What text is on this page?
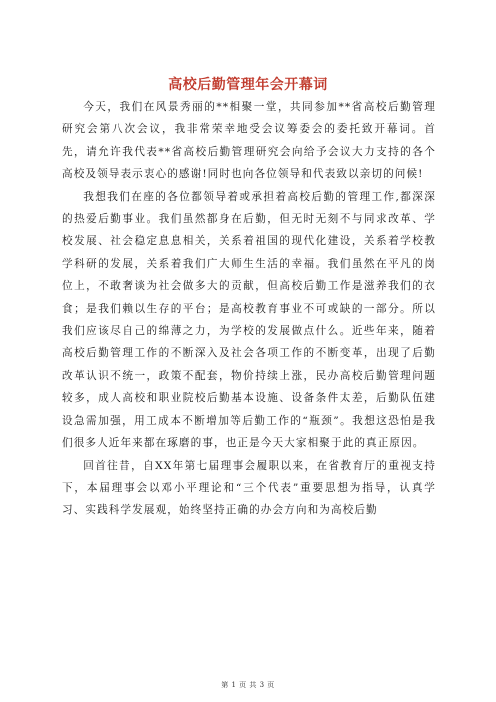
高校后勤管理年会开幕词

今天，我们在风景秀丽的**相聚一堂，共同参加**省高校后勤管理研究会第八次会议，我非常荣幸地受会议筹委会的委托致开幕词。首先，请允许我代表**省高校后勤管理研究会向给予会议大力支持的各个高校及领导表示衷心的感谢!同时也向各位领导和代表致以亲切的问候!

我想我们在座的各位都领导着或承担着高校后勤的管理工作,都深深的热爱后勤事业。我们虽然都身在后勤，但无时无刻不与同求改革、学校发展、社会稳定息息相关，关系着祖国的现代化建设，关系着学校教学科研的发展，关系着我们广大师生生活的幸福。我们虽然在平凡的岗位上，不敢奢谈为社会做多大的贡献，但高校后勤工作是滋养我们的衣食；是我们赖以生存的平台；是高校教育事业不可或缺的一部分。所以我们应该尽自己的绵薄之力，为学校的发展做点什么。近些年来，随着高校后勤管理工作的不断深入及社会各项工作的不断变革，出现了后勤改革认识不统一，政策不配套，物价持续上涨，民办高校后勤管理问题较多，成人高校和职业院校后勤基本设施、设备条件太差，后勤队伍建设急需加强，用工成本不断增加等后勤工作的“瓶颈”。我想这恐怕是我们很多人近年来都在琢磨的事，也正是今天大家相聚于此的真正原因。

回首往昔，自XX年第七届理事会履职以来，在省教育厅的重视支持下，本届理事会以邓小平理论和“三个代表”重要思想为指导，认真学习、实践科学发展观，始终坚持正确的办会方向和为高校后勤

第 1 页 共 3 页
